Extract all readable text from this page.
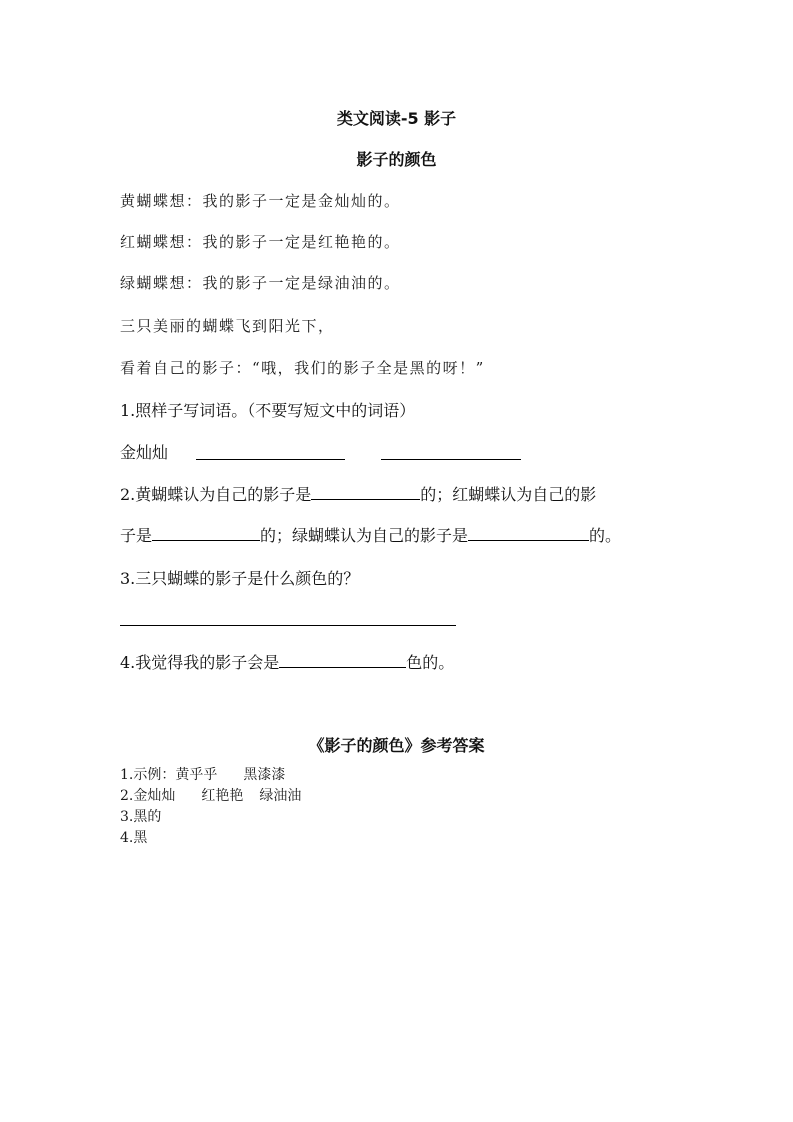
类文阅读-5 影子
影子的颜色
黄蝴蝶想：我的影子一定是金灿灿的。
红蝴蝶想：我的影子一定是红艳艳的。
绿蝴蝶想：我的影子一定是绿油油的。
三只美丽的蝴蝶飞到阳光下，
看着自己的影子：“哦，我们的影子全是黑的呀！”
1.照样子写词语。（不要写短文中的词语）
金灿灿
2.黄蝴蝶认为自己的影子是	的；红蝴蝶认为自己的影
子是	的；绿蝴蝶认为自己的影子是	的。
3.三只蝴蝶的影子是什么颜色的？
4.我觉得我的影子会是	色的。
《影子的颜色》参考答案
1.示例：黄乎乎 黑漆漆
2.金灿灿 红艳艳 绿油油
3.黑的
4.黑
